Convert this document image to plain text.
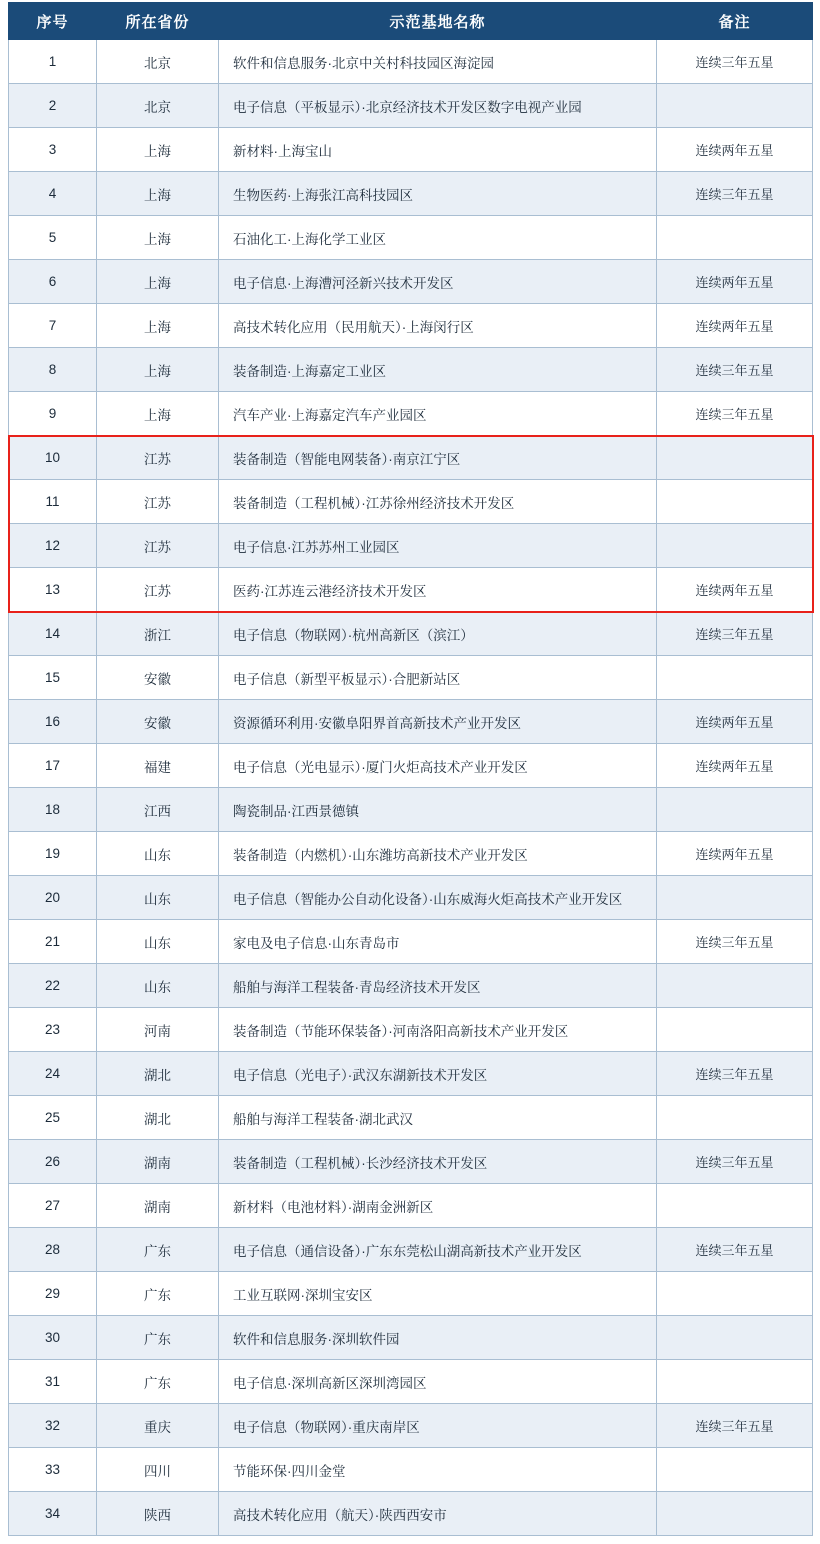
序号	所在省份	示范基地名称	备注
1	北京	软件和信息服务·北京中关村科技园区海淀园	连续三年五星
2	北京	电子信息（平板显示）·北京经济技术开发区数字电视产业园	
3	上海	新材料·上海宝山	连续两年五星
4	上海	生物医药·上海张江高科技园区	连续三年五星
5	上海	石油化工·上海化学工业区	
6	上海	电子信息·上海漕河泾新兴技术开发区	连续两年五星
7	上海	高技术转化应用（民用航天）·上海闵行区	连续两年五星
8	上海	装备制造·上海嘉定工业区	连续三年五星
9	上海	汽车产业·上海嘉定汽车产业园区	连续三年五星
10	江苏	装备制造（智能电网装备）·南京江宁区	
11	江苏	装备制造（工程机械）·江苏徐州经济技术开发区	
12	江苏	电子信息·江苏苏州工业园区	
13	江苏	医药·江苏连云港经济技术开发区	连续两年五星
14	浙江	电子信息（物联网）·杭州高新区（滨江）	连续三年五星
15	安徽	电子信息（新型平板显示）·合肥新站区	
16	安徽	资源循环利用·安徽阜阳界首高新技术产业开发区	连续两年五星
17	福建	电子信息（光电显示）·厦门火炬高技术产业开发区	连续两年五星
18	江西	陶瓷制品·江西景德镇	
19	山东	装备制造（内燃机）·山东潍坊高新技术产业开发区	连续两年五星
20	山东	电子信息（智能办公自动化设备）·山东威海火炬高技术产业开发区	
21	山东	家电及电子信息·山东青岛市	连续三年五星
22	山东	船舶与海洋工程装备·青岛经济技术开发区	
23	河南	装备制造（节能环保装备）·河南洛阳高新技术产业开发区	
24	湖北	电子信息（光电子）·武汉东湖新技术开发区	连续三年五星
25	湖北	船舶与海洋工程装备·湖北武汉	
26	湖南	装备制造（工程机械）·长沙经济技术开发区	连续三年五星
27	湖南	新材料（电池材料）·湖南金洲新区	
28	广东	电子信息（通信设备）·广东东莞松山湖高新技术产业开发区	连续三年五星
29	广东	工业互联网·深圳宝安区	
30	广东	软件和信息服务·深圳软件园	
31	广东	电子信息·深圳高新区深圳湾园区	
32	重庆	电子信息（物联网）·重庆南岸区	连续三年五星
33	四川	节能环保·四川金堂	
34	陕西	高技术转化应用（航天）·陕西西安市	
